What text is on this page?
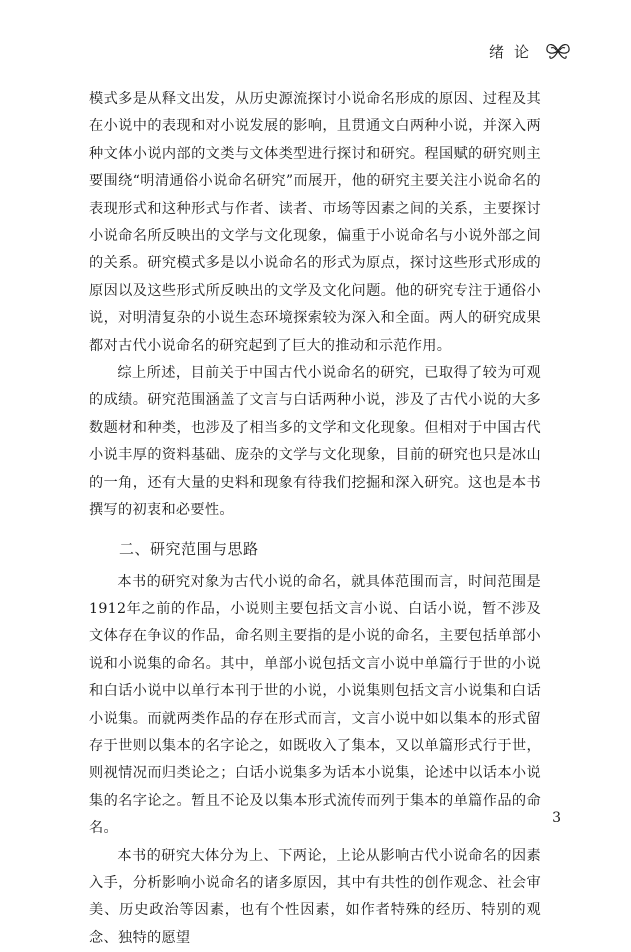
绪论

模式多是从释文出发，从历史源流探讨小说命名形成的原因、过程及其在小说中的表现和对小说发展的影响，且贯通文白两种小说，并深入两种文体小说内部的文类与文体类型进行探讨和研究。程国赋的研究则主要围绕“明清通俗小说命名研究”而展开，他的研究主要关注小说命名的表现形式和这种形式与作者、读者、市场等因素之间的关系，主要探讨小说命名所反映出的文学与文化现象，偏重于小说命名与小说外部之间的关系。研究模式多是以小说命名的形式为原点，探讨这些形式形成的原因以及这些形式所反映出的文学及文化问题。他的研究专注于通俗小说，对明清复杂的小说生态环境探索较为深入和全面。两人的研究成果都对古代小说命名的研究起到了巨大的推动和示范作用。

综上所述，目前关于中国古代小说命名的研究，已取得了较为可观的成绩。研究范围涵盖了文言与白话两种小说，涉及了古代小说的大多数题材和种类，也涉及了相当多的文学和文化现象。但相对于中国古代小说丰厚的资料基础、庞杂的文学与文化现象，目前的研究也只是冰山的一角，还有大量的史料和现象有待我们挖掘和深入研究。这也是本书撰写的初衷和必要性。

二、研究范围与思路

本书的研究对象为古代小说的命名，就具体范围而言，时间范围是1912年之前的作品，小说则主要包括文言小说、白话小说，暂不涉及文体存在争议的作品，命名则主要指的是小说的命名，主要包括单部小说和小说集的命名。其中，单部小说包括文言小说中单篇行于世的小说和白话小说中以单行本刊于世的小说，小说集则包括文言小说集和白话小说集。而就两类作品的存在形式而言，文言小说中如以集本的形式留存于世则以集本的名字论之，如既收入了集本，又以单篇形式行于世，则视情况而归类论之；白话小说集多为话本小说集，论述中以话本小说集的名字论之。暂且不论及以集本形式流传而列于集本的单篇作品的命名。

本书的研究大体分为上、下两论，上论从影响古代小说命名的因素入手，分析影响小说命名的诸多原因，其中有共性的创作观念、社会审美、历史政治等因素，也有个性因素，如作者特殊的经历、特别的观念、独特的愿望

3
